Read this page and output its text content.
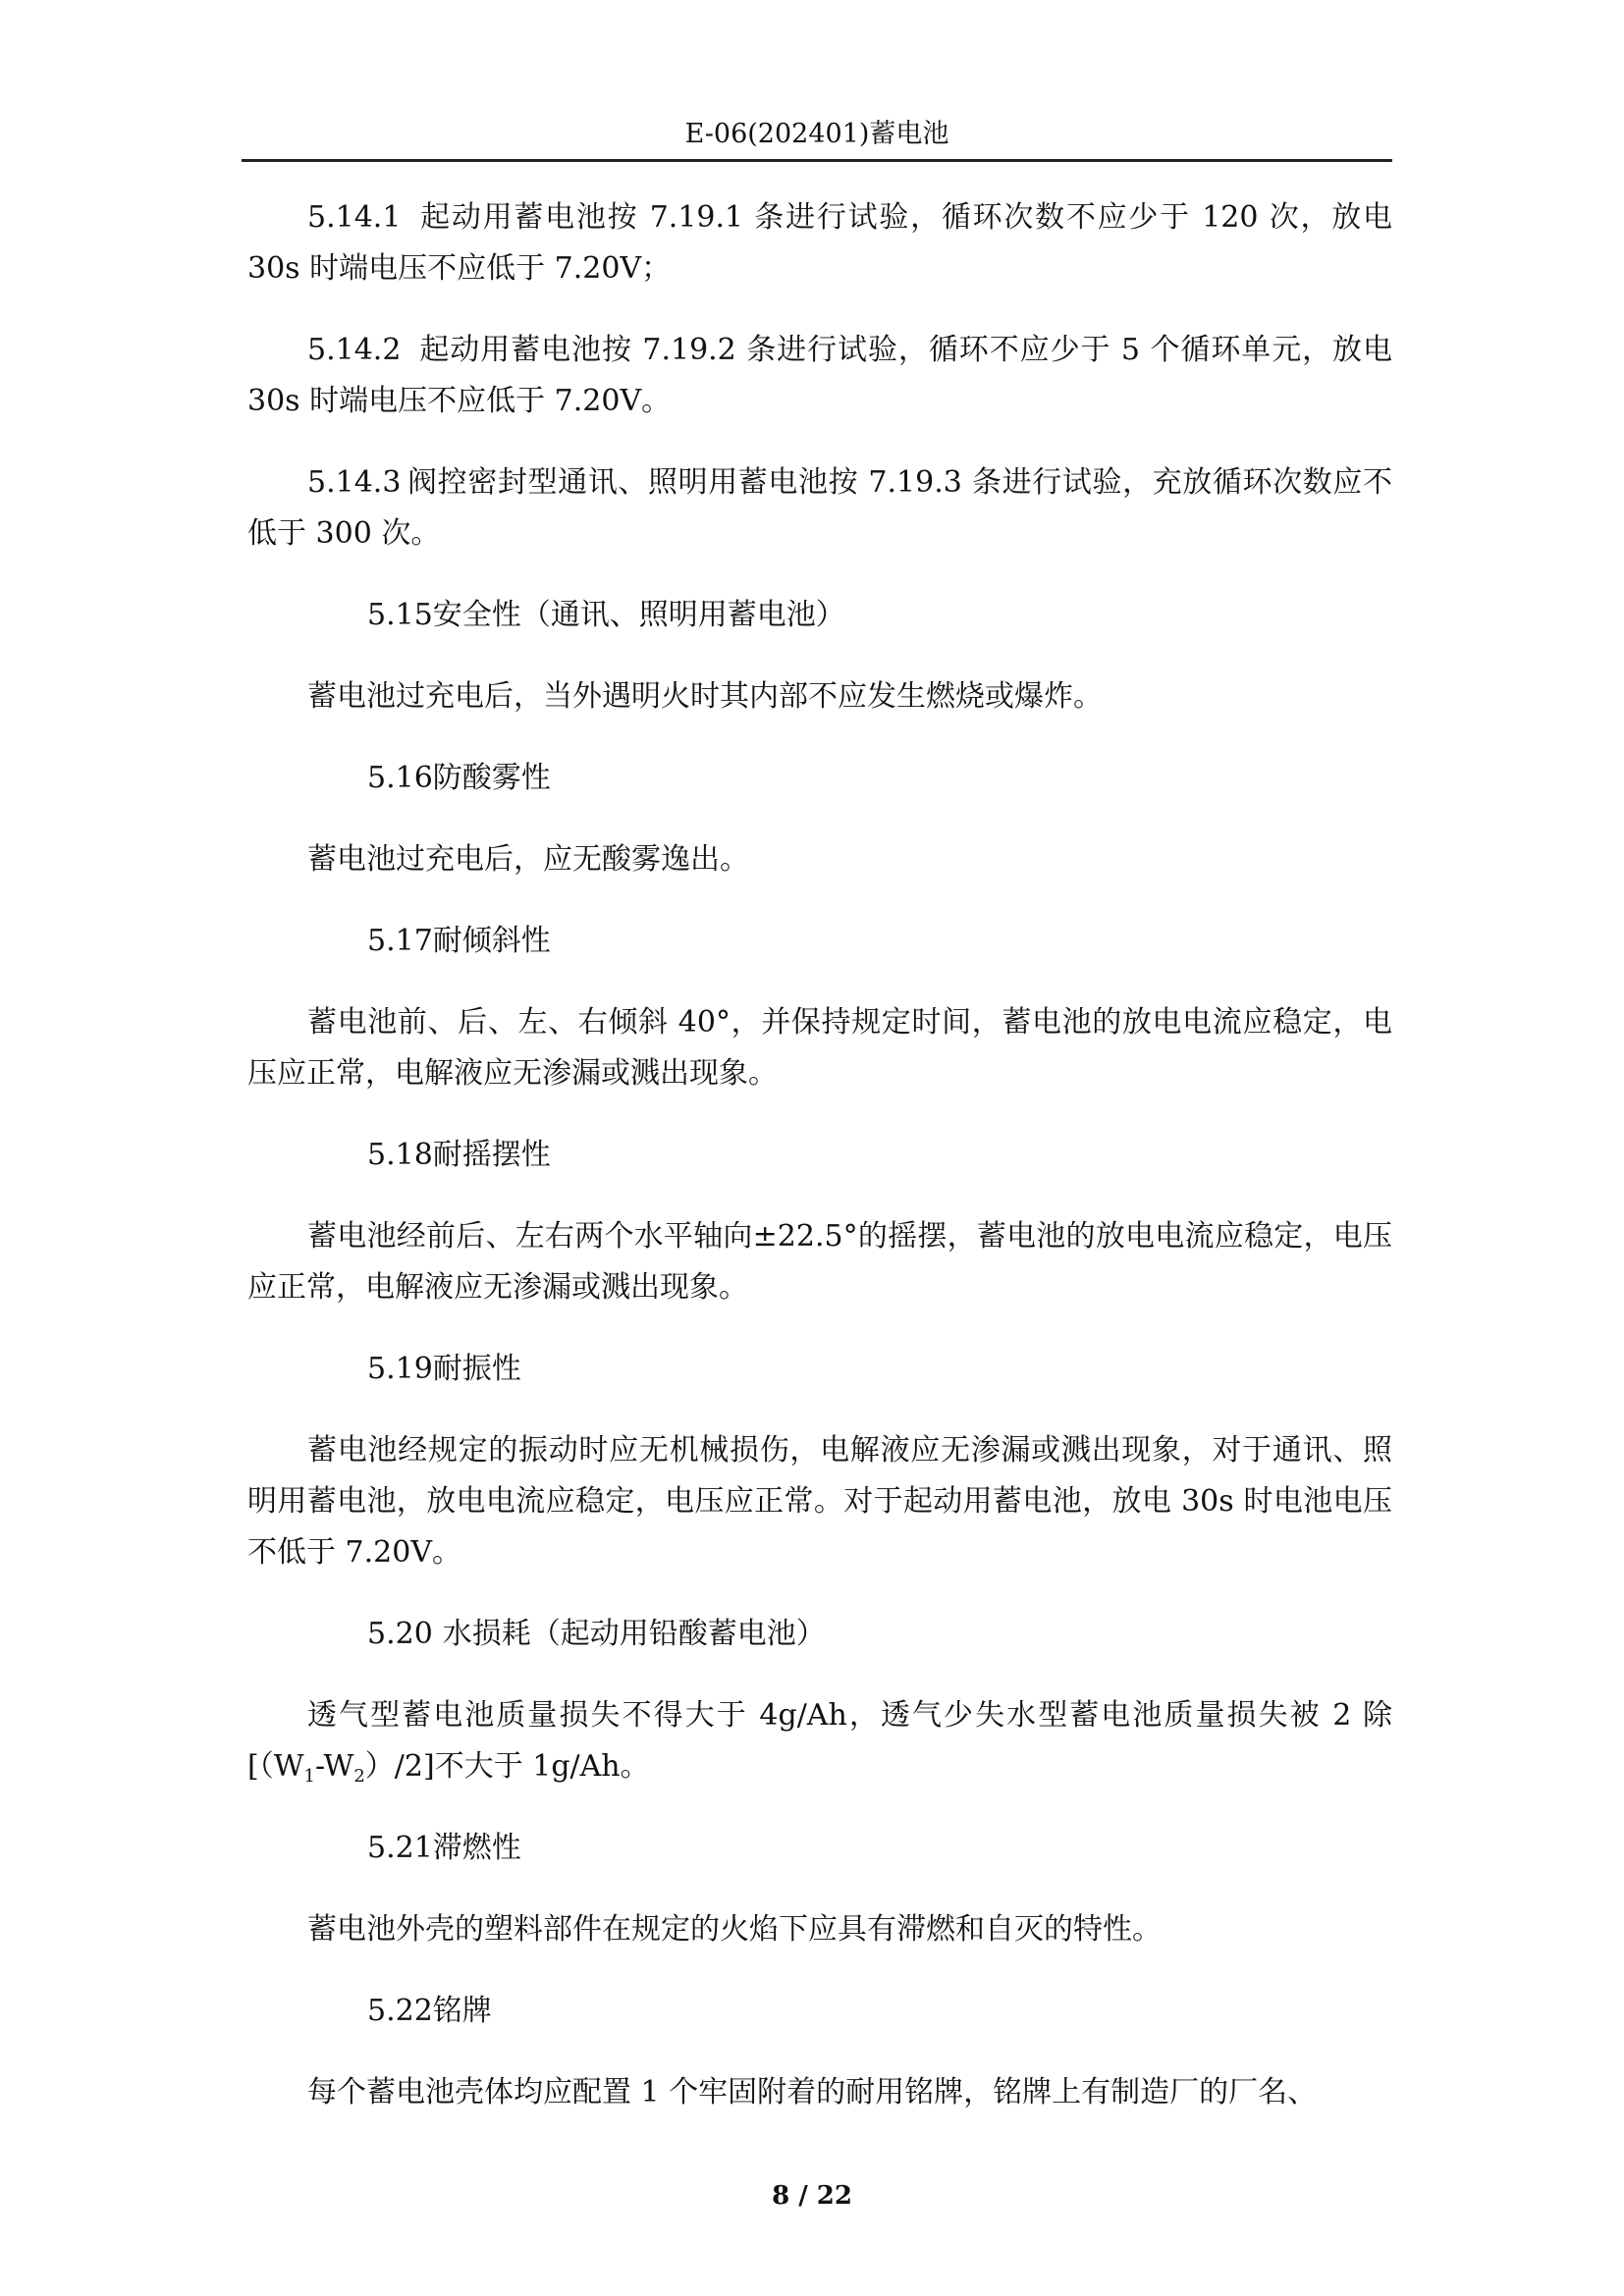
E-06(202401)蓄电池

5.14.1 起动用蓄电池按 7.19.1 条进行试验，循环次数不应少于 120 次，放电 30s 时端电压不应低于 7.20V；

5.14.2 起动用蓄电池按 7.19.2 条进行试验，循环不应少于 5 个循环单元，放电 30s 时端电压不应低于 7.20V。

5.14.3 阀控密封型通讯、照明用蓄电池按 7.19.3 条进行试验，充放循环次数应不低于 300 次。

5.15安全性（通讯、照明用蓄电池）

蓄电池过充电后，当外遇明火时其内部不应发生燃烧或爆炸。

5.16防酸雾性

蓄电池过充电后，应无酸雾逸出。

5.17耐倾斜性

蓄电池前、后、左、右倾斜 40°，并保持规定时间，蓄电池的放电电流应稳定，电压应正常，电解液应无渗漏或溅出现象。

5.18耐摇摆性

蓄电池经前后、左右两个水平轴向±22.5°的摇摆，蓄电池的放电电流应稳定，电压应正常，电解液应无渗漏或溅出现象。

5.19耐振性

蓄电池经规定的振动时应无机械损伤，电解液应无渗漏或溅出现象，对于通讯、照明用蓄电池，放电电流应稳定，电压应正常。对于起动用蓄电池，放电 30s 时电池电压不低于 7.20V。

5.20 水损耗（起动用铅酸蓄电池）

透气型蓄电池质量损失不得大于 4g/Ah，透气少失水型蓄电池质量损失被 2 除$[(W_1-W_2)/2]$不大于 1g/Ah。

5.21滞燃性

蓄电池外壳的塑料部件在规定的火焰下应具有滞燃和自灭的特性。

5.22铭牌

每个蓄电池壳体均应配置 1 个牢固附着的耐用铭牌，铭牌上有制造厂的厂名、

8 / 22
